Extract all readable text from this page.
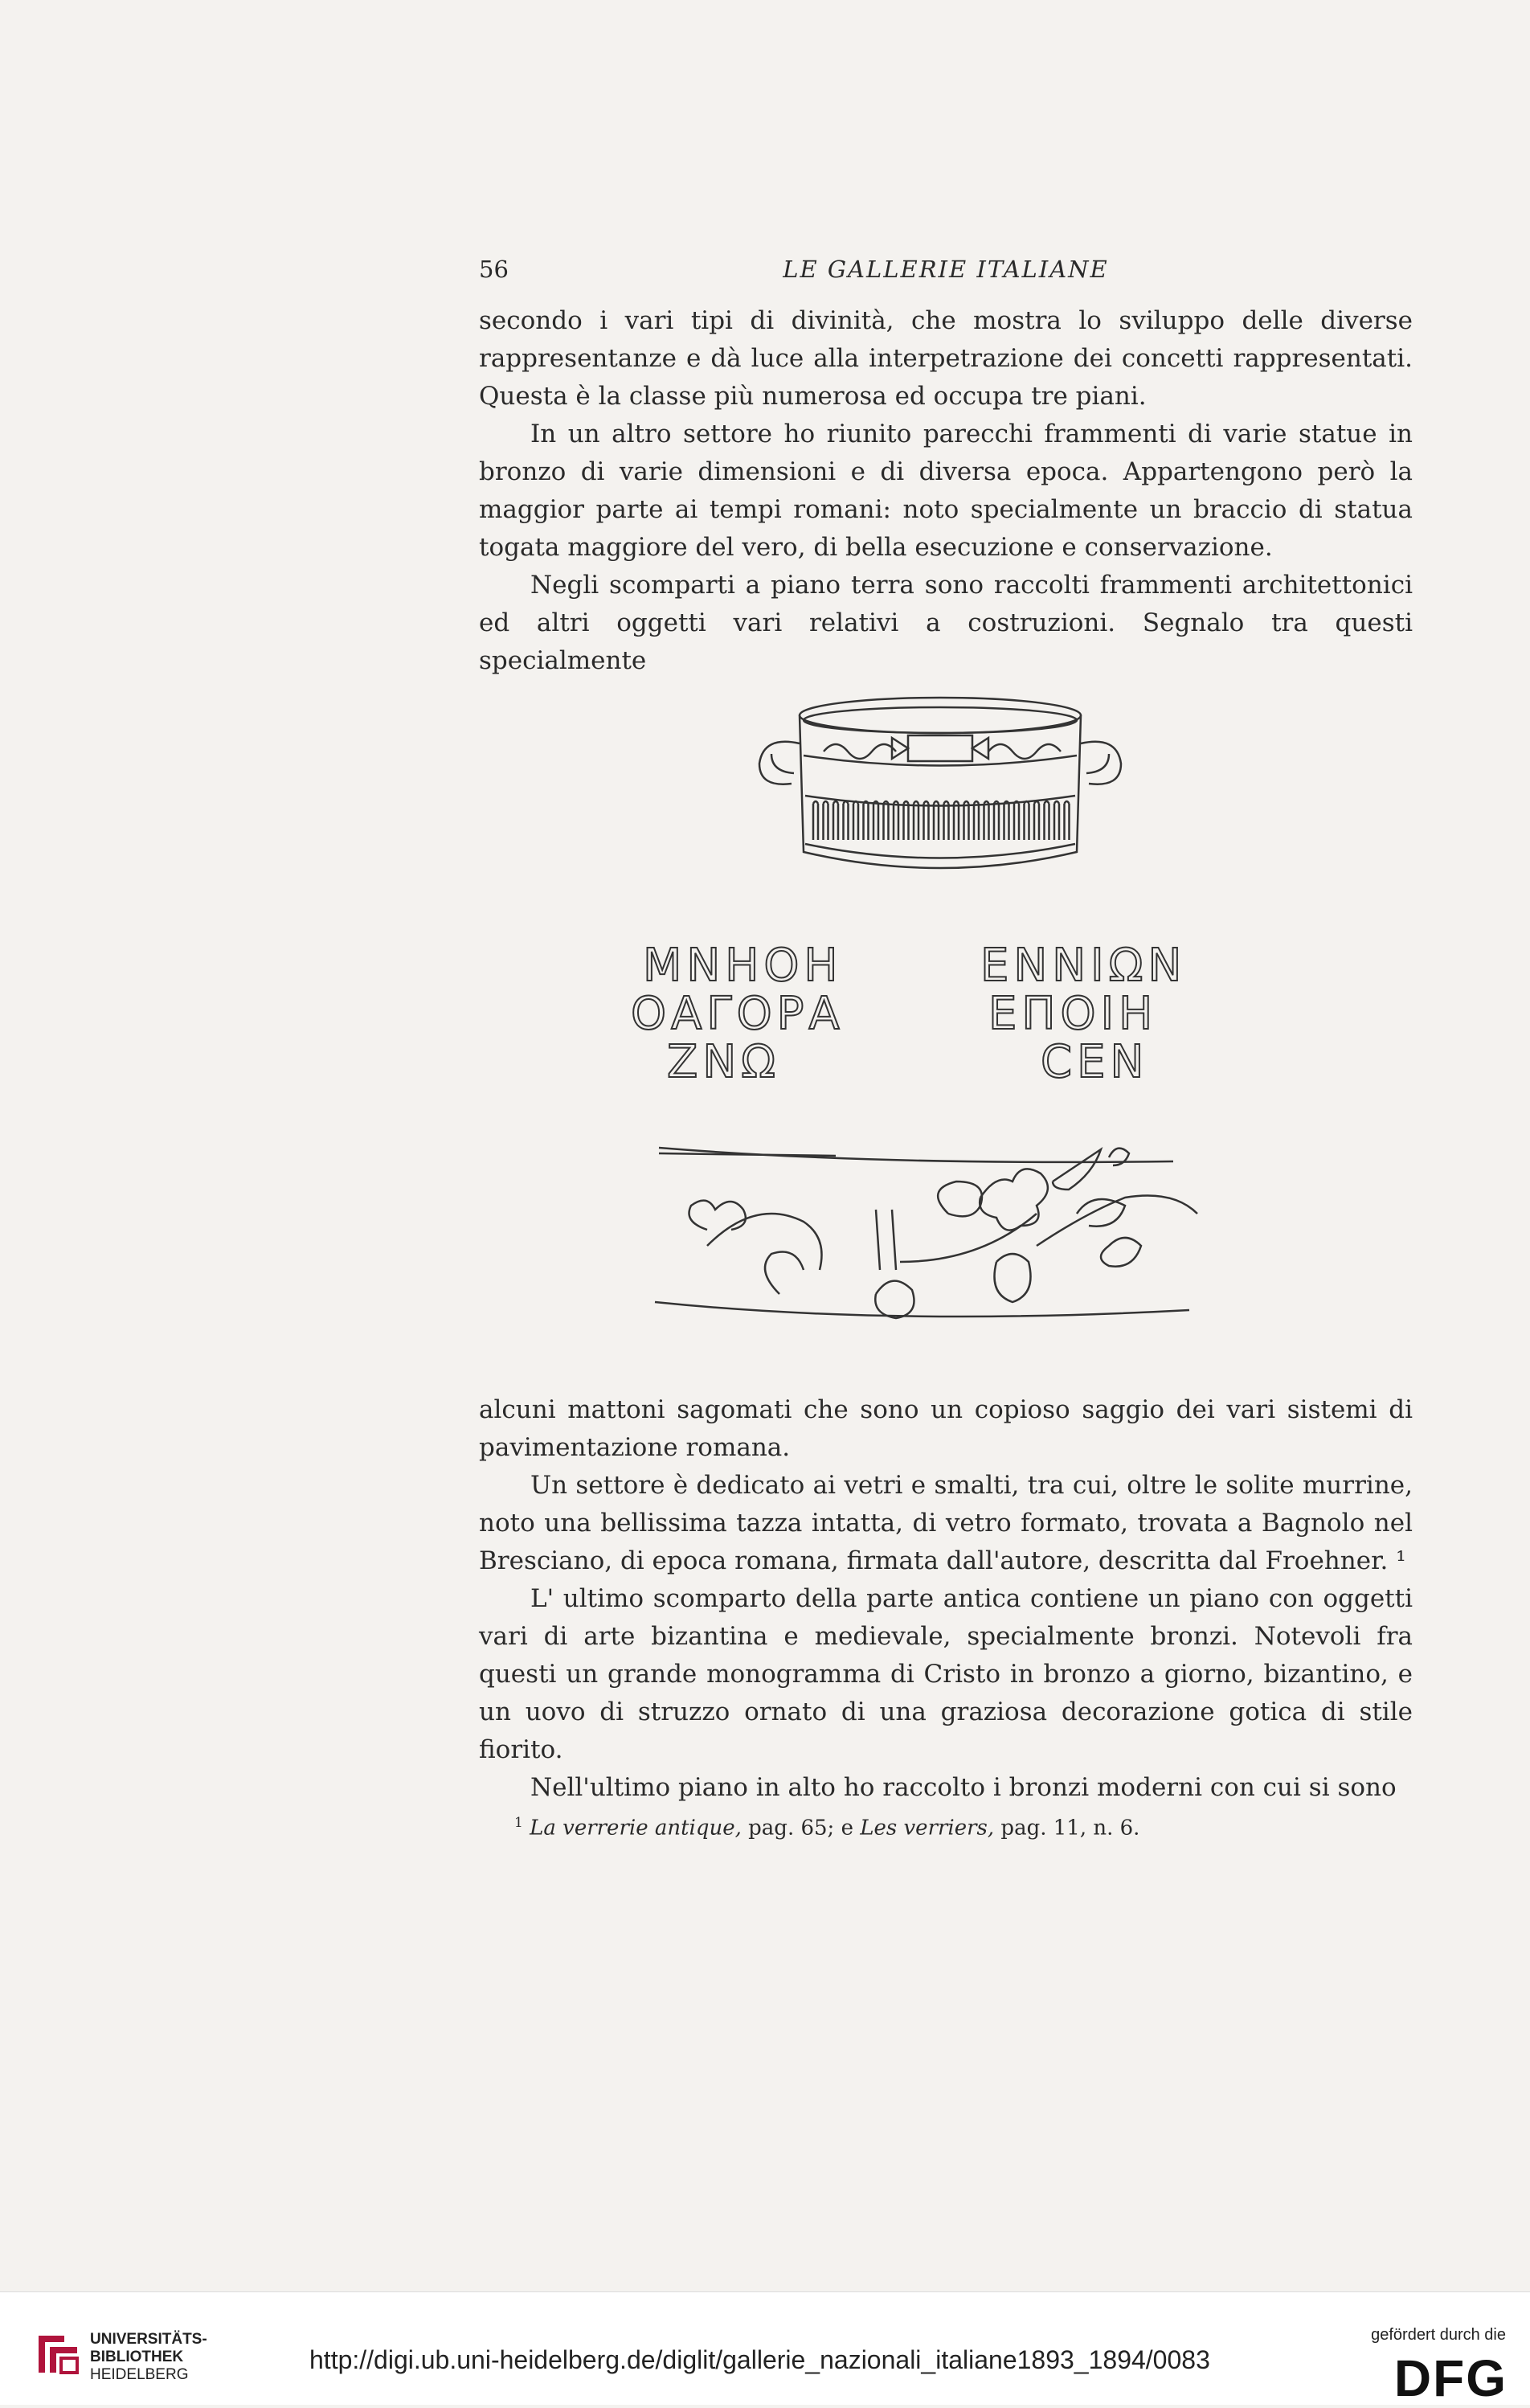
56	LE GALLERIE ITALIANE

secondo i vari tipi di divinità, che mostra lo sviluppo delle diverse rappresentanze e dà luce alla interpetrazione dei concetti rappresentati. Questa è la classe più numerosa ed occupa tre piani.

In un altro settore ho riunito parecchi frammenti di varie statue in bronzo di varie dimensioni e di diversa epoca. Appartengono però la maggior parte ai tempi romani: noto specialmente un braccio di statua togata maggiore del vero, di bella esecuzione e conservazione.

Negli scomparti a piano terra sono raccolti frammenti architettonici ed altri oggetti vari relativi a costruzioni. Segnalo tra questi specialmente

ΜΝΗΟΗ
ΟΑΓΟΡΑ
ΖΝΩ
ΕΝΝΙΩΝ
ΕΠΟΙΗ
CΕΝ

alcuni mattoni sagomati che sono un copioso saggio dei vari sistemi di pavimentazione romana.

Un settore è dedicato ai vetri e smalti, tra cui, oltre le solite murrine, noto una bellissima tazza intatta, di vetro formato, trovata a Bagnolo nel Bresciano, di epoca romana, firmata dall'autore, descritta dal Froehner. ¹

L' ultimo scomparto della parte antica contiene un piano con oggetti vari di arte bizantina e medievale, specialmente bronzi. Notevoli fra questi un grande monogramma di Cristo in bronzo a giorno, bizantino, e un uovo di struzzo ornato di una graziosa decorazione gotica di stile fiorito.

Nell'ultimo piano in alto ho raccolto i bronzi moderni con cui si sono

$^1$ La verrerie antique, pag. 65; e Les verriers, pag. 11, n. 6.
UNIVERSITÄTS-
BIBLIOTHEK
HEIDELBERG
http://digi.ub.uni-heidelberg.de/diglit/gallerie_nazionali_italiane1893_1894/0083
gefördert durch die
DFG
